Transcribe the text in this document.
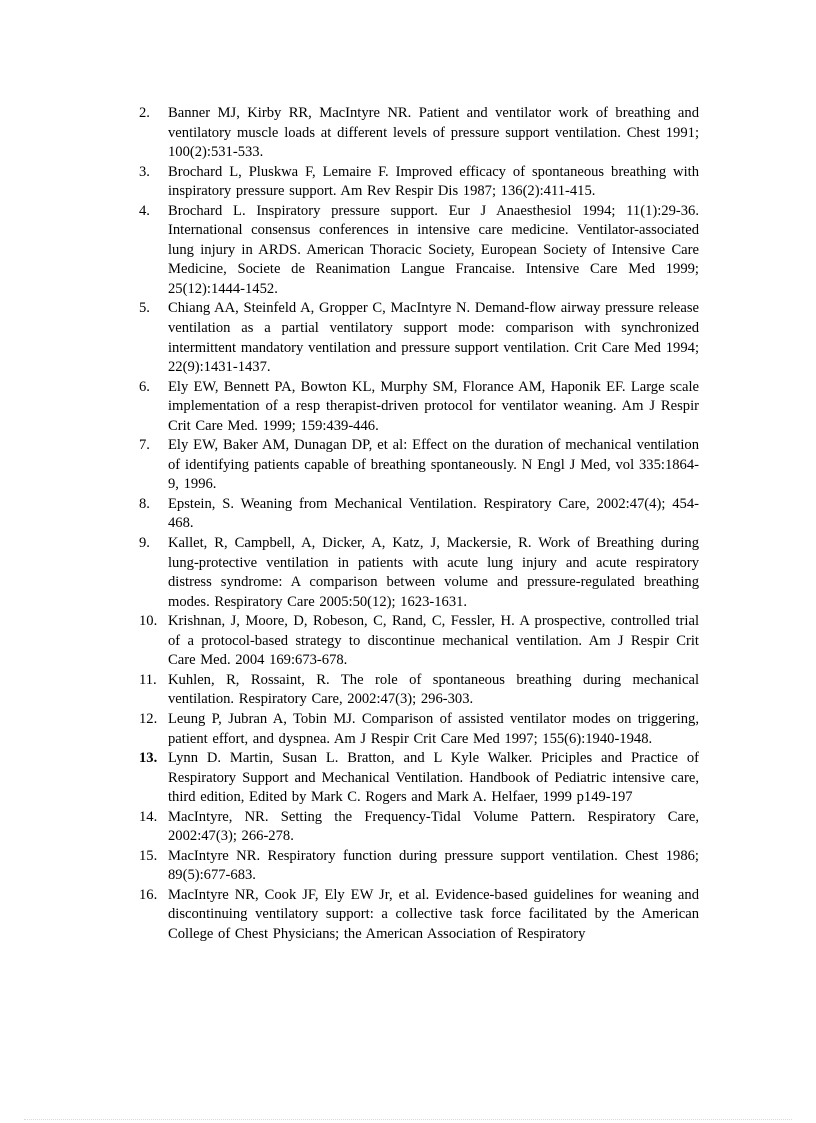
2. Banner MJ, Kirby RR, MacIntyre NR. Patient and ventilator work of breathing and ventilatory muscle loads at different levels of pressure support ventilation. Chest 1991; 100(2):531-533.
3. Brochard L, Pluskwa F, Lemaire F. Improved efficacy of spontaneous breathing with inspiratory pressure support. Am Rev Respir Dis 1987; 136(2):411-415.
4. Brochard L. Inspiratory pressure support. Eur J Anaesthesiol 1994; 11(1):29-36. International consensus conferences in intensive care medicine. Ventilator-associated lung injury in ARDS. American Thoracic Society, European Society of Intensive Care Medicine, Societe de Reanimation Langue Francaise. Intensive Care Med 1999; 25(12):1444-1452.
5. Chiang AA, Steinfeld A, Gropper C, MacIntyre N. Demand-flow airway pressure release ventilation as a partial ventilatory support mode: comparison with synchronized intermittent mandatory ventilation and pressure support ventilation. Crit Care Med 1994; 22(9):1431-1437.
6. Ely EW, Bennett PA, Bowton KL, Murphy SM, Florance AM, Haponik EF. Large scale implementation of a resp therapist-driven protocol for ventilator weaning. Am J Respir Crit Care Med. 1999; 159:439-446.
7. Ely EW, Baker AM, Dunagan DP, et al: Effect on the duration of mechanical ventilation of identifying patients capable of breathing spontaneously. N Engl J Med, vol 335:1864-9, 1996.
8. Epstein, S. Weaning from Mechanical Ventilation. Respiratory Care, 2002:47(4); 454-468.
9. Kallet, R, Campbell, A, Dicker, A, Katz, J, Mackersie, R. Work of Breathing during lung-protective ventilation in patients with acute lung injury and acute respiratory distress syndrome: A comparison between volume and pressure-regulated breathing modes. Respiratory Care 2005:50(12); 1623-1631.
10. Krishnan, J, Moore, D, Robeson, C, Rand, C, Fessler, H. A prospective, controlled trial of a protocol-based strategy to discontinue mechanical ventilation. Am J Respir Crit Care Med. 2004 169:673-678.
11. Kuhlen, R, Rossaint, R. The role of spontaneous breathing during mechanical ventilation. Respiratory Care, 2002:47(3); 296-303.
12. Leung P, Jubran A, Tobin MJ. Comparison of assisted ventilator modes on triggering, patient effort, and dyspnea. Am J Respir Crit Care Med 1997; 155(6):1940-1948.
13. Lynn D. Martin, Susan L. Bratton, and L Kyle Walker. Priciples and Practice of Respiratory Support and Mechanical Ventilation. Handbook of Pediatric intensive care, third edition, Edited by Mark C. Rogers and Mark A. Helfaer, 1999 p149-197
14. MacIntyre, NR. Setting the Frequency-Tidal Volume Pattern. Respiratory Care, 2002:47(3); 266-278.
15. MacIntyre NR. Respiratory function during pressure support ventilation. Chest 1986; 89(5):677-683.
16. MacIntyre NR, Cook JF, Ely EW Jr, et al. Evidence-based guidelines for weaning and discontinuing ventilatory support: a collective task force facilitated by the American College of Chest Physicians; the American Association of Respiratory
